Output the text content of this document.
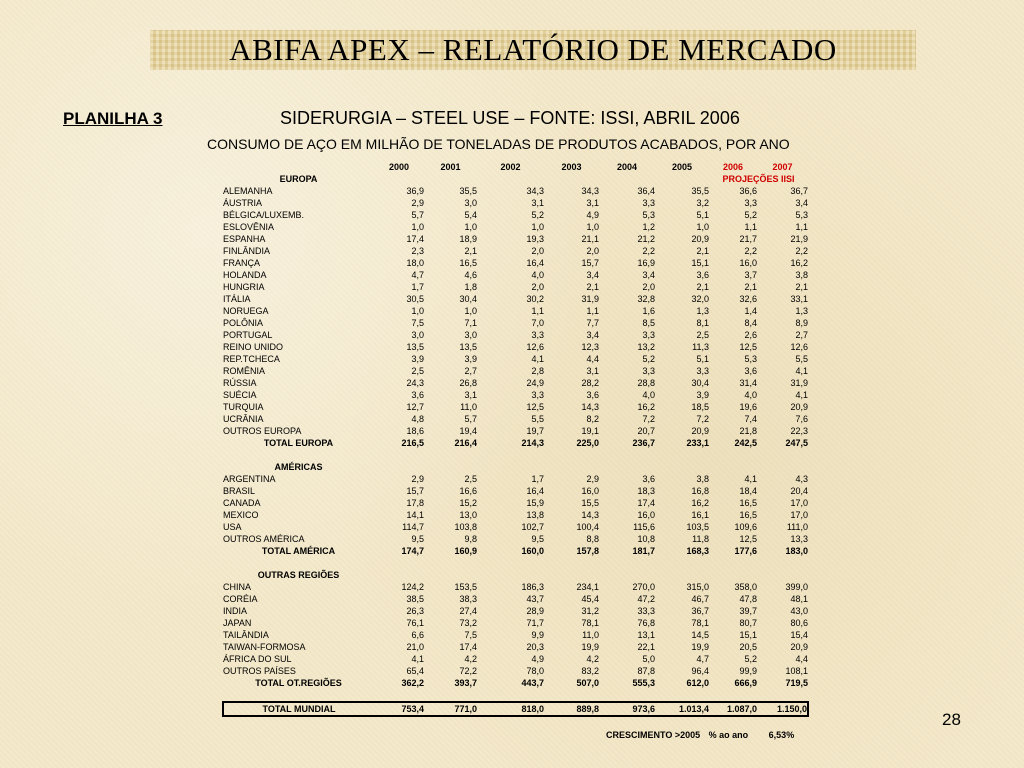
ABIFA APEX – RELATÓRIO DE MERCADO
PLANILHA 3	SIDERURGIA – STEEL USE – FONTE: ISSI, ABRIL 2006
CONSUMO DE AÇO EM MILHÃO DE TONELADAS DE PRODUTOS ACABADOS, POR ANO
	2000	2001	2002	2003	2004	2005	2006	2007
EUROPA							PROJEÇÕES IISI	
ALEMANHA	36,9	35,5	34,3	34,3	36,4	35,5	36,6	36,7
ÁUSTRIA	2,9	3,0	3,1	3,1	3,3	3,2	3,3	3,4
BÉLGICA/LUXEMB.	5,7	5,4	5,2	4,9	5,3	5,1	5,2	5,3
ESLOVÊNIA	1,0	1,0	1,0	1,0	1,2	1,0	1,1	1,1
ESPANHA	17,4	18,9	19,3	21,1	21,2	20,9	21,7	21,9
FINLÂNDIA	2,3	2,1	2,0	2,0	2,2	2,1	2,2	2,2
FRANÇA	18,0	16,5	16,4	15,7	16,9	15,1	16,0	16,2
HOLANDA	4,7	4,6	4,0	3,4	3,4	3,6	3,7	3,8
HUNGRIA	1,7	1,8	2,0	2,1	2,0	2,1	2,1	2,1
ITÁLIA	30,5	30,4	30,2	31,9	32,8	32,0	32,6	33,1
NORUEGA	1,0	1,0	1,1	1,1	1,6	1,3	1,4	1,3
POLÔNIA	7,5	7,1	7,0	7,7	8,5	8,1	8,4	8,9
PORTUGAL	3,0	3,0	3,3	3,4	3,3	2,5	2,6	2,7
REINO UNIDO	13,5	13,5	12,6	12,3	13,2	11,3	12,5	12,6
REP.TCHECA	3,9	3,9	4,1	4,4	5,2	5,1	5,3	5,5
ROMÊNIA	2,5	2,7	2,8	3,1	3,3	3,3	3,6	4,1
RÚSSIA	24,3	26,8	24,9	28,2	28,8	30,4	31,4	31,9
SUÉCIA	3,6	3,1	3,3	3,6	4,0	3,9	4,0	4,1
TURQUIA	12,7	11,0	12,5	14,3	16,2	18,5	19,6	20,9
UCRÂNIA	4,8	5,7	5,5	8,2	7,2	7,2	7,4	7,6
OUTROS EUROPA	18,6	19,4	19,7	19,1	20,7	20,9	21,8	22,3
TOTAL EUROPA	216,5	216,4	214,3	225,0	236,7	233,1	242,5	247,5

AMÉRICAS								
ARGENTINA	2,9	2,5	1,7	2,9	3,6	3,8	4,1	4,3
BRASIL	15,7	16,6	16,4	16,0	18,3	16,8	18,4	20,4
CANADA	17,8	15,2	15,9	15,5	17,4	16,2	16,5	17,0
MEXICO	14,1	13,0	13,8	14,3	16,0	16,1	16,5	17,0
USA	114,7	103,8	102,7	100,4	115,6	103,5	109,6	111,0
OUTROS AMÉRICA	9,5	9,8	9,5	8,8	10,8	11,8	12,5	13,3
TOTAL AMÉRICA	174,7	160,9	160,0	157,8	181,7	168,3	177,6	183,0

OUTRAS REGIÕES								
CHINA	124,2	153,5	186,3	234,1	270,0	315,0	358,0	399,0
CORÉIA	38,5	38,3	43,7	45,4	47,2	46,7	47,8	48,1
INDIA	26,3	27,4	28,9	31,2	33,3	36,7	39,7	43,0
JAPAN	76,1	73,2	71,7	78,1	76,8	78,1	80,7	80,6
TAILÂNDIA	6,6	7,5	9,9	11,0	13,1	14,5	15,1	15,4
TAIWAN-FORMOSA	21,0	17,4	20,3	19,9	22,1	19,9	20,5	20,9
ÁFRICA DO SUL	4,1	4,2	4,9	4,2	5,0	4,7	5,2	4,4
OUTROS PAÍSES	65,4	72,2	78,0	83,2	87,8	96,4	99,9	108,1
TOTAL OT.REGIÕES	362,2	393,7	443,7	507,0	555,3	612,0	666,9	719,5

TOTAL MUNDIAL	753,4	771,0	818,0	889,8	973,6	1.013,4	1.087,0	1.150,0
CRESCIMENTO >2005 % ao ano 6,53%
28
